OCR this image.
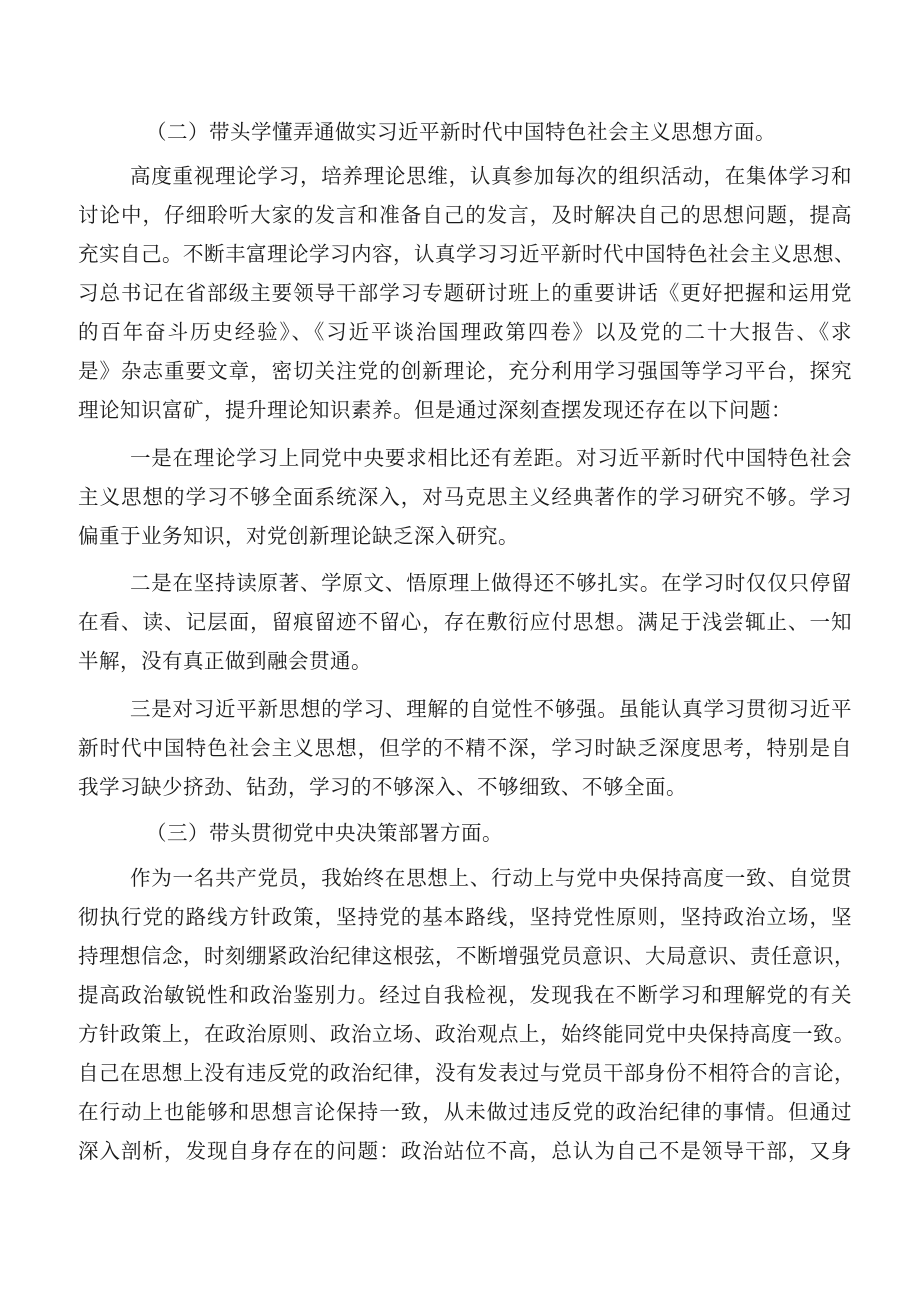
（二）带头学懂弄通做实习近平新时代中国特色社会主义思想方面。
高度重视理论学习，培养理论思维，认真参加每次的组织活动，在集体学习和
讨论中，仔细聆听大家的发言和准备自己的发言，及时解决自己的思想问题，提高
充实自己。不断丰富理论学习内容，认真学习习近平新时代中国特色社会主义思想、
习总书记在省部级主要领导干部学习专题研讨班上的重要讲话《更好把握和运用党
的百年奋斗历史经验》、《习近平谈治国理政第四卷》以及党的二十大报告、《求
是》杂志重要文章，密切关注党的创新理论，充分利用学习强国等学习平台，探究
理论知识富矿，提升理论知识素养。但是通过深刻查摆发现还存在以下问题：
一是在理论学习上同党中央要求相比还有差距。对习近平新时代中国特色社会
主义思想的学习不够全面系统深入，对马克思主义经典著作的学习研究不够。学习
偏重于业务知识，对党创新理论缺乏深入研究。
二是在坚持读原著、学原文、悟原理上做得还不够扎实。在学习时仅仅只停留
在看、读、记层面，留痕留迹不留心，存在敷衍应付思想。满足于浅尝辄止、一知
半解，没有真正做到融会贯通。
三是对习近平新思想的学习、理解的自觉性不够强。虽能认真学习贯彻习近平
新时代中国特色社会主义思想，但学的不精不深，学习时缺乏深度思考，特别是自
我学习缺少挤劲、钻劲，学习的不够深入、不够细致、不够全面。
（三）带头贯彻党中央决策部署方面。
作为一名共产党员，我始终在思想上、行动上与党中央保持高度一致、自觉贯
彻执行党的路线方针政策，坚持党的基本路线，坚持党性原则，坚持政治立场，坚
持理想信念，时刻绷紧政治纪律这根弦，不断增强党员意识、大局意识、责任意识，
提高政治敏锐性和政治鉴别力。经过自我检视，发现我在不断学习和理解党的有关
方针政策上，在政治原则、政治立场、政治观点上，始终能同党中央保持高度一致。
自己在思想上没有违反党的政治纪律，没有发表过与党员干部身份不相符合的言论，
在行动上也能够和思想言论保持一致，从未做过违反党的政治纪律的事情。但通过
深入剖析，发现自身存在的问题：政治站位不高，总认为自己不是领导干部，又身
